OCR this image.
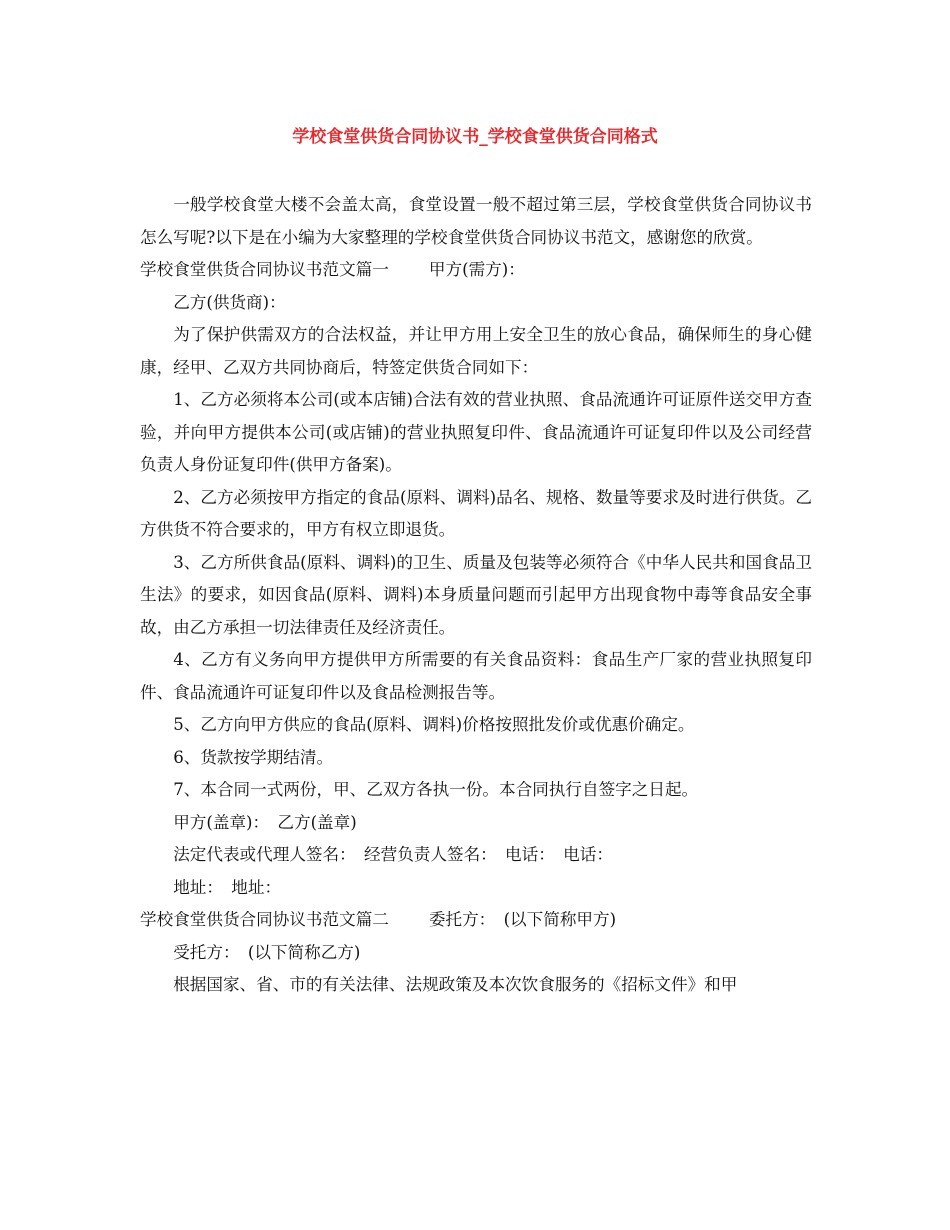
学校食堂供货合同协议书_学校食堂供货合同格式

一般学校食堂大楼不会盖太高，食堂设置一般不超过第三层，学校食堂供货合同协议书怎么写呢?以下是在小编为大家整理的学校食堂供货合同协议书范文，感谢您的欣赏。

学校食堂供货合同协议书范文篇一 甲方(需方)：

乙方(供货商)：

为了保护供需双方的合法权益，并让甲方用上安全卫生的放心食品，确保师生的身心健康，经甲、乙双方共同协商后，特签定供货合同如下：

1、乙方必须将本公司(或本店铺)合法有效的营业执照、食品流通许可证原件送交甲方查验，并向甲方提供本公司(或店铺)的营业执照复印件、食品流通许可证复印件以及公司经营负责人身份证复印件(供甲方备案)。

2、乙方必须按甲方指定的食品(原料、调料)品名、规格、数量等要求及时进行供货。乙方供货不符合要求的，甲方有权立即退货。

3、乙方所供食品(原料、调料)的卫生、质量及包装等必须符合《中华人民共和国食品卫生法》的要求，如因食品(原料、调料)本身质量问题而引起甲方出现食物中毒等食品安全事故，由乙方承担一切法律责任及经济责任。

4、乙方有义务向甲方提供甲方所需要的有关食品资料：食品生产厂家的营业执照复印件、食品流通许可证复印件以及食品检测报告等。

5、乙方向甲方供应的食品(原料、调料)价格按照批发价或优惠价确定。

6、货款按学期结清。

7、本合同一式两份，甲、乙双方各执一份。本合同执行自签字之日起。

甲方(盖章)：　乙方(盖章)

法定代表或代理人签名：　经营负责人签名：　电话：　电话：

地址：　地址：

学校食堂供货合同协议书范文篇二 委托方：　(以下简称甲方)

受托方：　(以下简称乙方)

根据国家、省、市的有关法律、法规政策及本次饮食服务的《招标文件》和甲
